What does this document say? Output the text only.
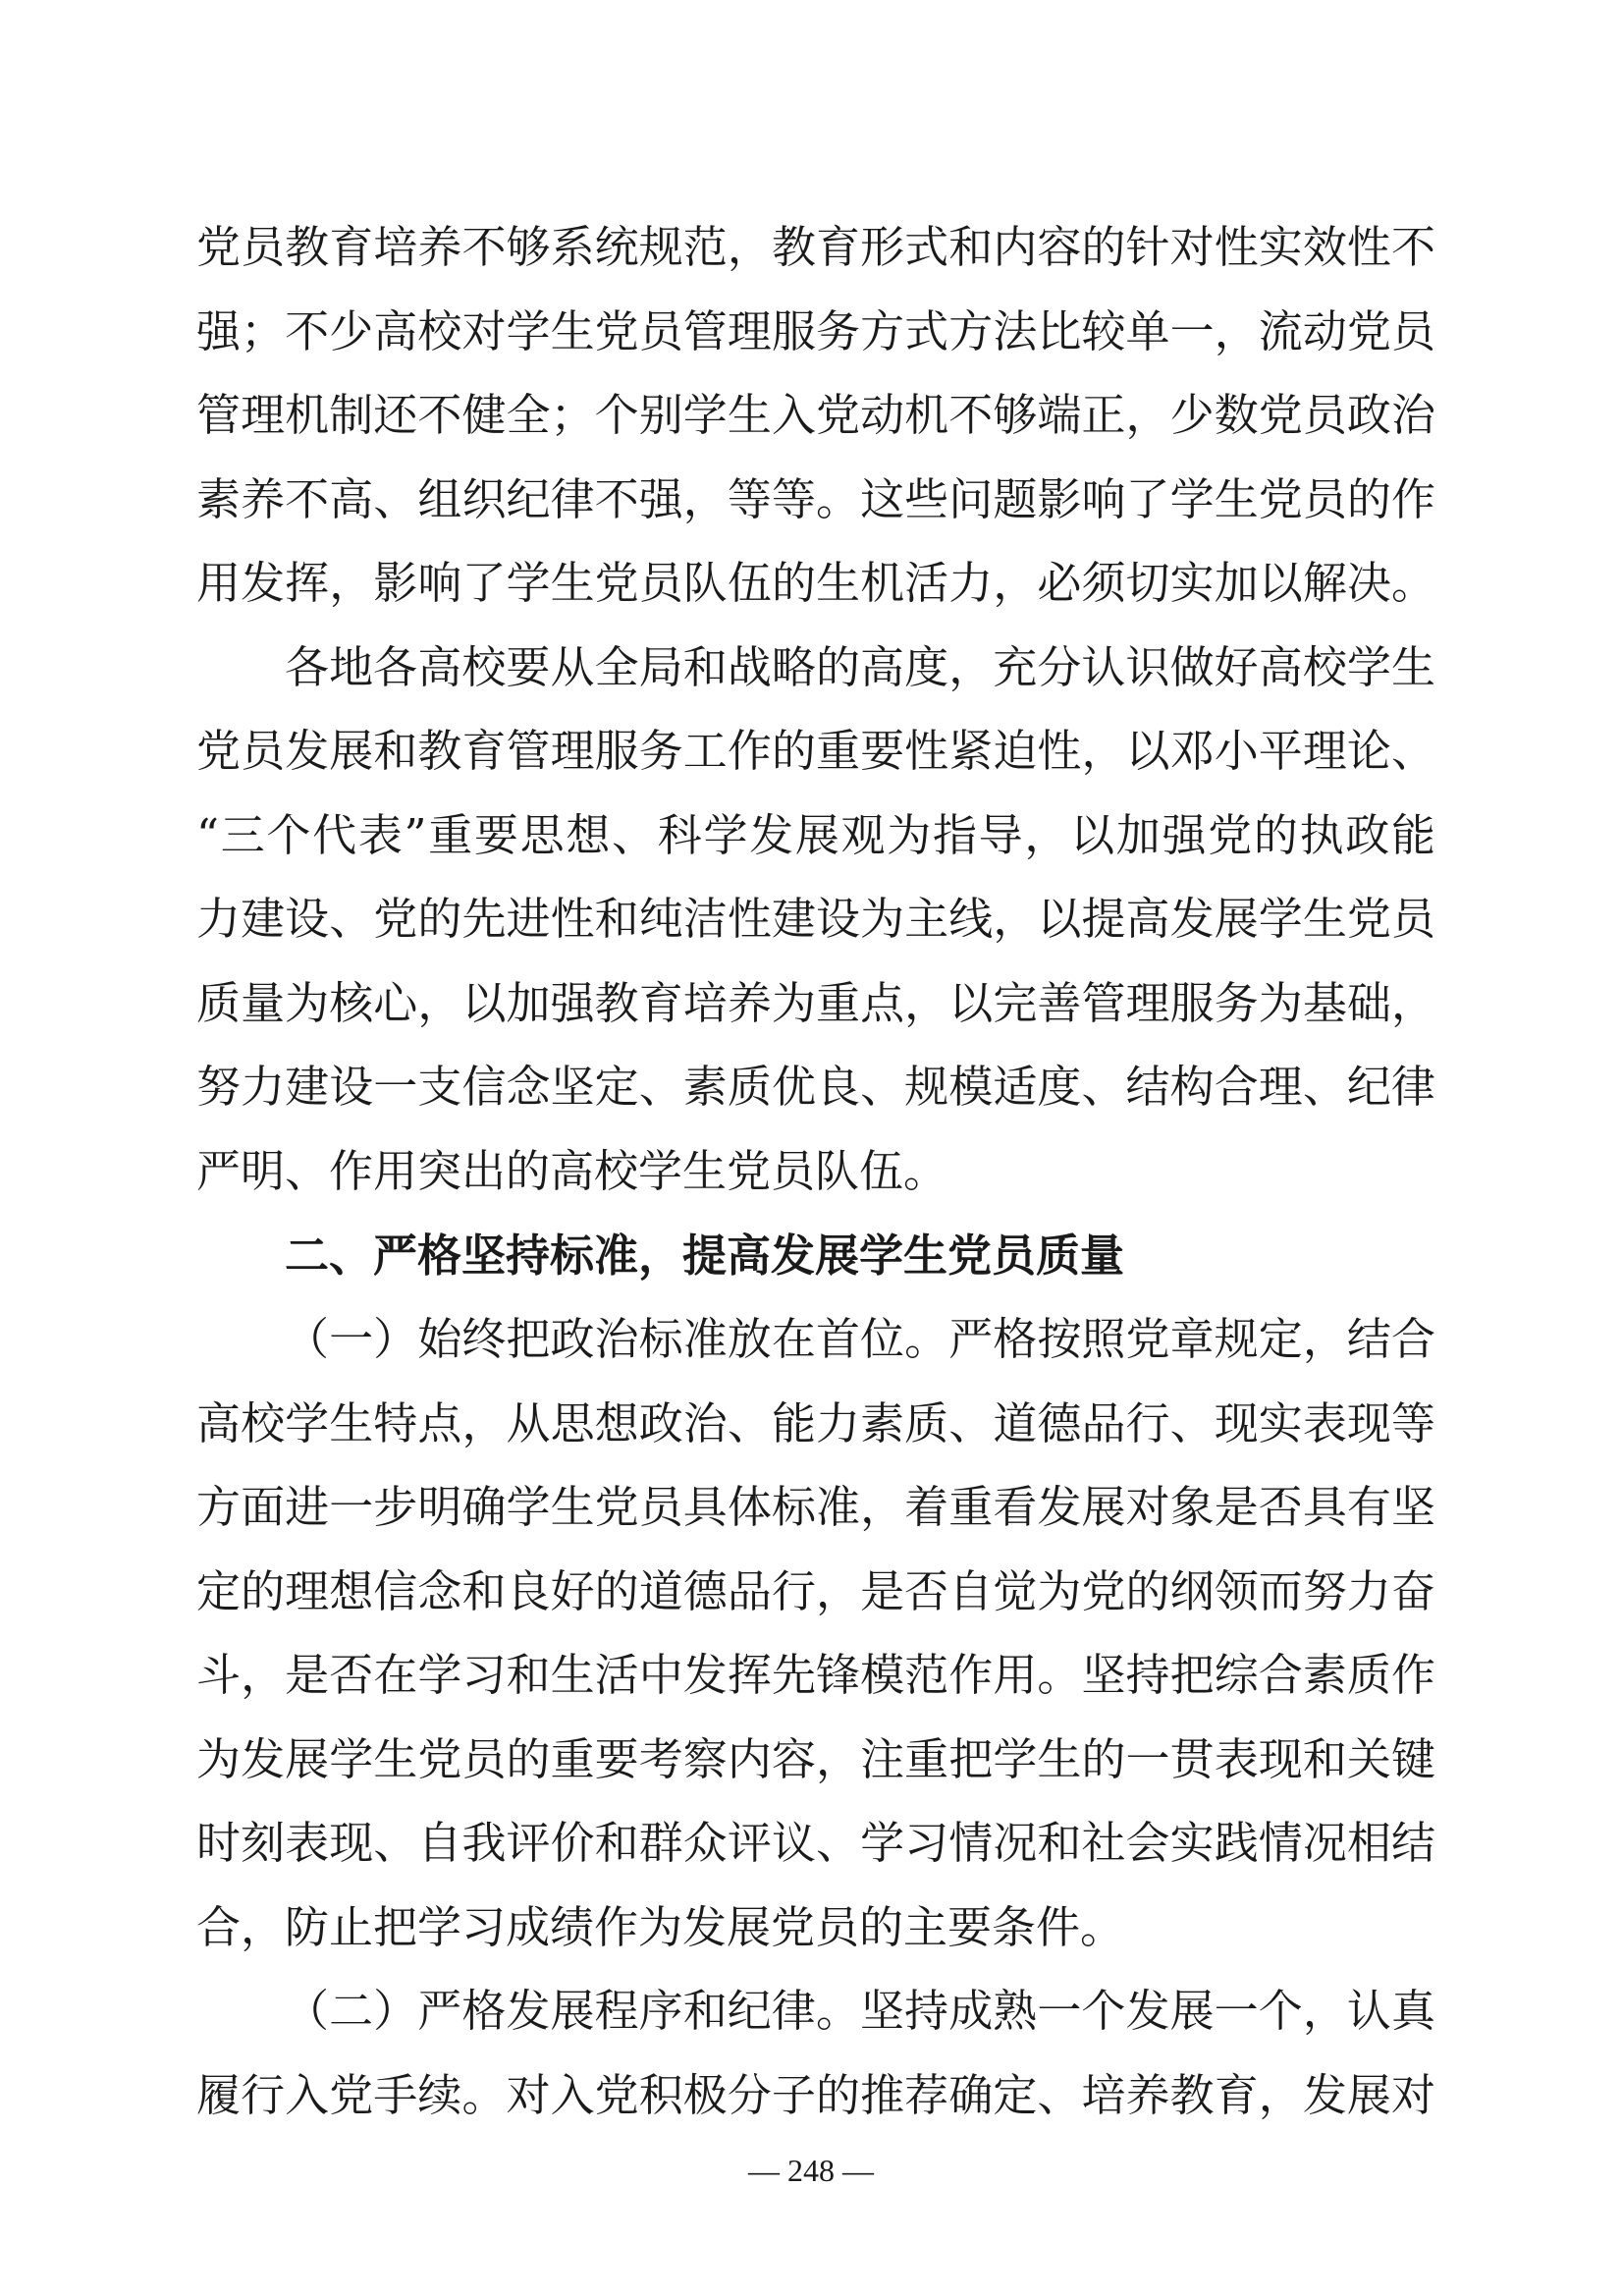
党员教育培养不够系统规范，教育形式和内容的针对性实效性不
强；不少高校对学生党员管理服务方式方法比较单一，流动党员
管理机制还不健全；个别学生入党动机不够端正，少数党员政治
素养不高、组织纪律不强，等等。这些问题影响了学生党员的作
用发挥，影响了学生党员队伍的生机活力，必须切实加以解决。
各地各高校要从全局和战略的高度，充分认识做好高校学生
党员发展和教育管理服务工作的重要性紧迫性，以邓小平理论、
“三个代表”重要思想、科学发展观为指导，以加强党的执政能
力建设、党的先进性和纯洁性建设为主线，以提高发展学生党员
质量为核心，以加强教育培养为重点，以完善管理服务为基础，
努力建设一支信念坚定、素质优良、规模适度、结构合理、纪律
严明、作用突出的高校学生党员队伍。
二、严格坚持标准，提高发展学生党员质量
（一）始终把政治标准放在首位。严格按照党章规定，结合
高校学生特点，从思想政治、能力素质、道德品行、现实表现等
方面进一步明确学生党员具体标准，着重看发展对象是否具有坚
定的理想信念和良好的道德品行，是否自觉为党的纲领而努力奋
斗，是否在学习和生活中发挥先锋模范作用。坚持把综合素质作
为发展学生党员的重要考察内容，注重把学生的一贯表现和关键
时刻表现、自我评价和群众评议、学习情况和社会实践情况相结
合，防止把学习成绩作为发展党员的主要条件。
（二）严格发展程序和纪律。坚持成熟一个发展一个，认真
履行入党手续。对入党积极分子的推荐确定、培养教育，发展对
— 248 —
